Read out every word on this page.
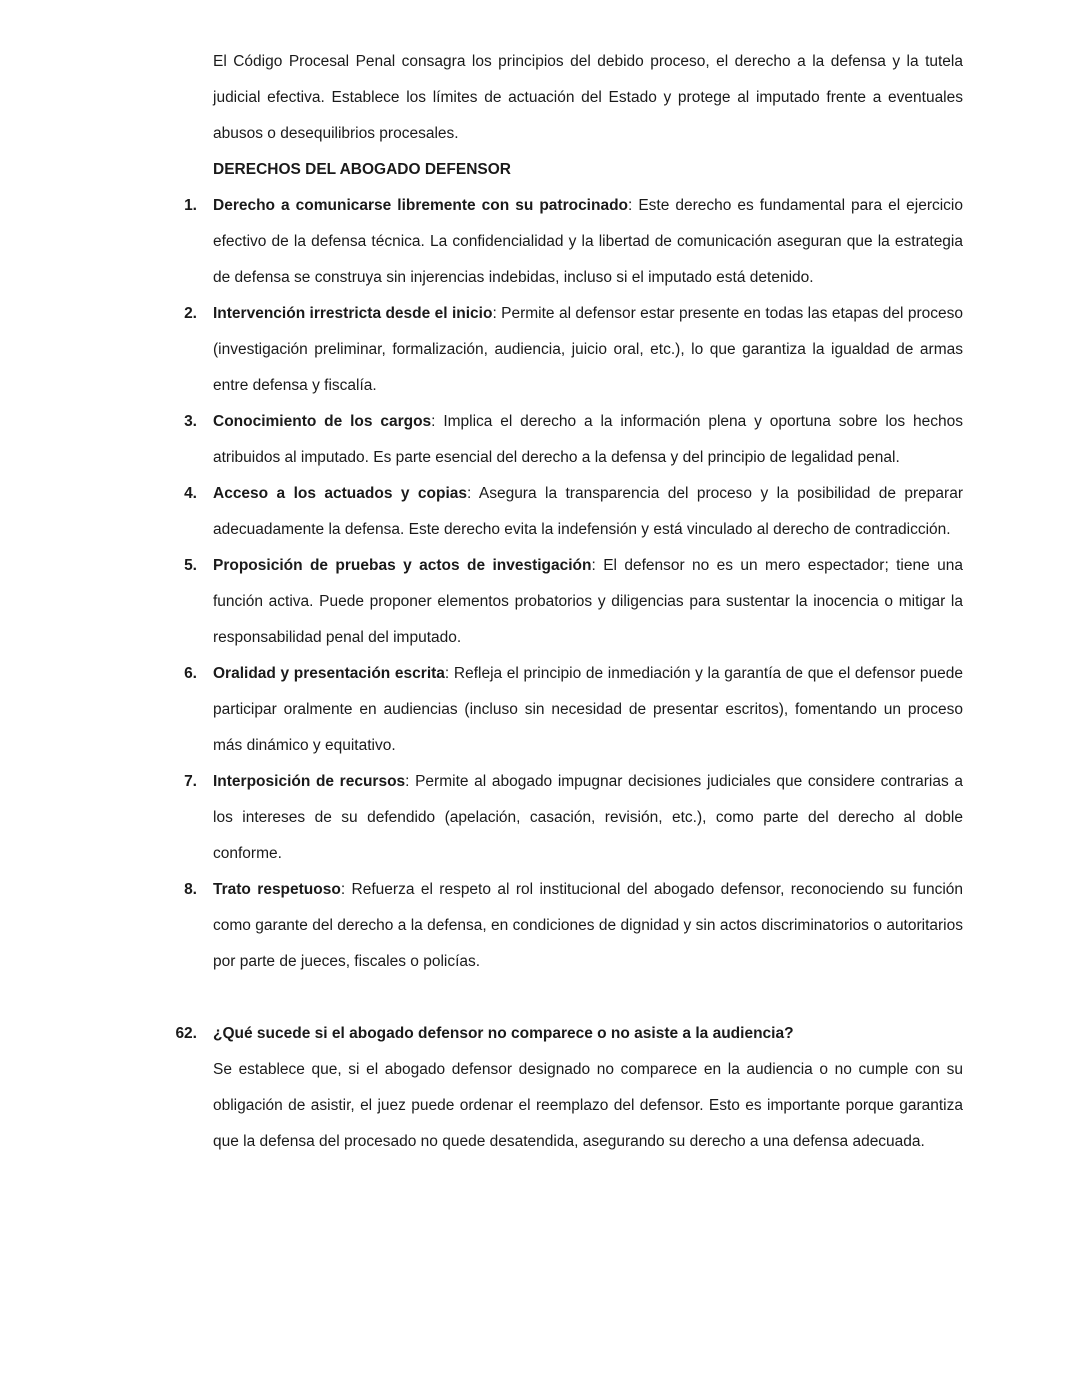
El Código Procesal Penal consagra los principios del debido proceso, el derecho a la defensa y la tutela judicial efectiva. Establece los límites de actuación del Estado y protege al imputado frente a eventuales abusos o desequilibrios procesales.

DERECHOS DEL ABOGADO DEFENSOR

1.	Derecho a comunicarse libremente con su patrocinado: Este derecho es fundamental para el ejercicio efectivo de la defensa técnica. La confidencialidad y la libertad de comunicación aseguran que la estrategia de defensa se construya sin injerencias indebidas, incluso si el imputado está detenido.

2.	Intervención irrestricta desde el inicio: Permite al defensor estar presente en todas las etapas del proceso (investigación preliminar, formalización, audiencia, juicio oral, etc.), lo que garantiza la igualdad de armas entre defensa y fiscalía.

3.	Conocimiento de los cargos: Implica el derecho a la información plena y oportuna sobre los hechos atribuidos al imputado. Es parte esencial del derecho a la defensa y del principio de legalidad penal.

4.	Acceso a los actuados y copias: Asegura la transparencia del proceso y la posibilidad de preparar adecuadamente la defensa. Este derecho evita la indefensión y está vinculado al derecho de contradicción.

5.	Proposición de pruebas y actos de investigación: El defensor no es un mero espectador; tiene una función activa. Puede proponer elementos probatorios y diligencias para sustentar la inocencia o mitigar la responsabilidad penal del imputado.

6.	Oralidad y presentación escrita: Refleja el principio de inmediación y la garantía de que el defensor puede participar oralmente en audiencias (incluso sin necesidad de presentar escritos), fomentando un proceso más dinámico y equitativo.

7.	Interposición de recursos: Permite al abogado impugnar decisiones judiciales que considere contrarias a los intereses de su defendido (apelación, casación, revisión, etc.), como parte del derecho al doble conforme.

8.	Trato respetuoso: Refuerza el respeto al rol institucional del abogado defensor, reconociendo su función como garante del derecho a la defensa, en condiciones de dignidad y sin actos discriminatorios o autoritarios por parte de jueces, fiscales o policías.

62.	¿Qué sucede si el abogado defensor no comparece o no asiste a la audiencia?

Se establece que, si el abogado defensor designado no comparece en la audiencia o no cumple con su obligación de asistir, el juez puede ordenar el reemplazo del defensor. Esto es importante porque garantiza que la defensa del procesado no quede desatendida, asegurando su derecho a una defensa adecuada.
